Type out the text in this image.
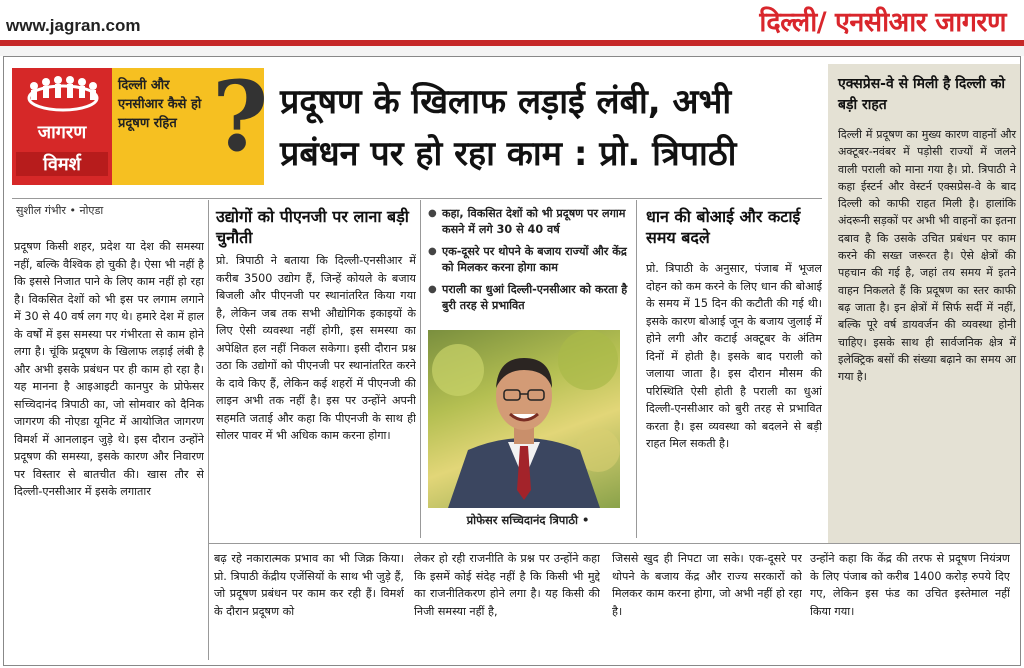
www.jagran.com	दिल्ली/ एनसीआर जागरण
जागरण
विमर्श
दिल्ली और एनसीआर कैसे हो प्रदूषण रहित ? प्रदूषण के खिलाफ लड़ाई लंबी, अभी प्रबंधन पर हो रहा काम : प्रो. त्रिपाठी
सुशील गंभीर • नोएडा
प्रदूषण किसी शहर, प्रदेश या देश की समस्या नहीं, बल्कि वैश्विक हो चुकी है। ऐसा भी नहीं है कि इससे निजात पाने के लिए काम नहीं हो रहा है। विकसित देशों को भी इस पर लगाम लगाने में 30 से 40 वर्ष लग गए थे। हमारे देश में हाल के वर्षों में इस समस्या पर गंभीरता से काम होने लगा है। चूंकि प्रदूषण के खिलाफ लड़ाई लंबी है और अभी इसके प्रबंधन पर ही काम हो रहा है। यह मानना है आइआइटी कानपुर के प्रोफेसर सच्चिदानंद त्रिपाठी का, जो सोमवार को दैनिक जागरण की नोएडा यूनिट में आयोजित जागरण विमर्श में आनलाइन जुड़े थे। इस दौरान उन्होंने प्रदूषण की समस्या, इसके कारण और निवारण पर विस्तार से बातचीत की। खास तौर से दिल्ली-एनसीआर में इसके लगातार
उद्योगों को पीएनजी पर लाना बड़ी चुनौती
प्रो. त्रिपाठी ने बताया कि दिल्ली-एनसीआर में करीब 3500 उद्योग हैं, जिन्हें कोयले के बजाय बिजली और पीएनजी पर स्थानांतरित किया गया है, लेकिन जब तक सभी औद्योगिक इकाइयों के लिए ऐसी व्यवस्था नहीं होगी, इस समस्या का अपेक्षित हल नहीं निकल सकेगा। इसी दौरान प्रश्न उठा कि उद्योगों को पीएनजी पर स्थानांतरित करने के दावे किए हैं, लेकिन कई शहरों में पीएनजी की लाइन अभी तक नहीं है। इस पर उन्होंने अपनी सहमति जताई और कहा कि पीएनजी के साथ ही सोलर पावर में भी अधिक काम करना होगा।
● कहा, विकसित देशों को भी प्रदूषण पर लगाम कसने में लगे 30 से 40 वर्ष
● एक-दूसरे पर थोपने के बजाय राज्यों और केंद्र को मिलकर करना होगा काम
● पराली का धुआं दिल्ली-एनसीआर को करता है बुरी तरह से प्रभावित
प्रोफेसर सच्चिदानंद त्रिपाठी •
धान की बोआई और कटाई समय बदले
प्रो. त्रिपाठी के अनुसार, पंजाब में भूजल दोहन को कम करने के लिए धान की बोआई के समय में 15 दिन की कटौती की गई थी। इसके कारण बोआई जून के बजाय जुलाई में होने लगी और कटाई अक्टूबर के अंतिम दिनों में होती है। इसके बाद पराली को जलाया जाता है। इस दौरान मौसम की परिस्थिति ऐसी होती है पराली का धुआं दिल्ली-एनसीआर को बुरी तरह से प्रभावित करता है। इस व्यवस्था को बदलने से बड़ी राहत मिल सकती है।
एक्सप्रेस-वे से मिली है दिल्ली को बड़ी राहत
दिल्ली में प्रदूषण का मुख्य कारण वाहनों और अक्टूबर-नवंबर में पड़ोसी राज्यों में जलने वाली पराली को माना गया है। प्रो. त्रिपाठी ने कहा ईस्टर्न और वेस्टर्न एक्सप्रेस-वे के बाद दिल्ली को काफी राहत मिली है। हालांकि अंदरूनी सड़कों पर अभी भी वाहनों का इतना दबाव है कि उसके उचित प्रबंधन पर काम करने की सख्त जरूरत है। ऐसे क्षेत्रों की पहचान की गई है, जहां तय समय में इतने वाहन निकलते हैं कि प्रदूषण का स्तर काफी बढ़ जाता है। इन क्षेत्रों में सिर्फ सर्दी में नहीं, बल्कि पूरे वर्ष डायवर्जन की व्यवस्था होनी चाहिए। इसके साथ ही सार्वजनिक क्षेत्र में इलेक्ट्रिक बसों की संख्या बढ़ाने का समय आ गया है।
बढ़ रहे नकारात्मक प्रभाव का भी जिक्र किया। प्रो. त्रिपाठी केंद्रीय एजेंसियों के साथ भी जुड़े हैं, जो प्रदूषण प्रबंधन पर काम कर रही हैं। विमर्श के दौरान प्रदूषण को
लेकर हो रही राजनीति के प्रश्न पर उन्होंने कहा कि इसमें कोई संदेह नहीं है कि किसी भी मुद्दे का राजनीतिकरण होने लगा है। यह किसी की निजी समस्या नहीं है,
जिससे खुद ही निपटा जा सके। एक-दूसरे पर थोपने के बजाय केंद्र और राज्य सरकारों को मिलकर काम करना होगा, जो अभी नहीं हो रहा है।
उन्होंने कहा कि केंद्र की तरफ से प्रदूषण नियंत्रण के लिए पंजाब को करीब 1400 करोड़ रुपये दिए गए, लेकिन इस फंड का उचित इस्तेमाल नहीं किया गया।
